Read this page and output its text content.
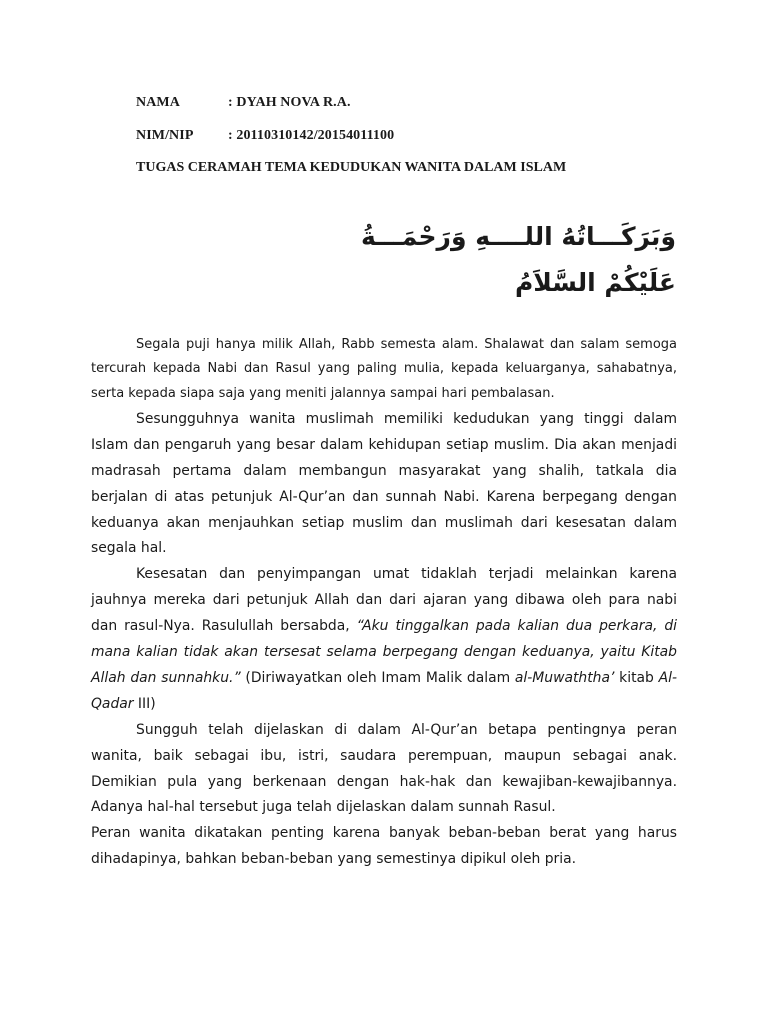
NAMA	: DYAH NOVA R.A.
NIM/NIP : 20110310142/20154011100
TUGAS CERAMAH TEMA KEDUDUKAN WANITA DALAM ISLAM
وَبَرَكَـــاتُهُ اللــــهِ وَرَحْمَـــةُ
عَلَيْكُمْ السَّلاَمُ

Segala puji hanya milik Allah, Rabb semesta alam. Shalawat dan salam semoga tercurah kepada Nabi dan Rasul yang paling mulia, kepada keluarganya, sahabatnya, serta kepada siapa saja yang meniti jalannya sampai hari pembalasan.

Sesungguhnya wanita muslimah memiliki kedudukan yang tinggi dalam Islam dan pengaruh yang besar dalam kehidupan setiap muslim. Dia akan menjadi madrasah pertama dalam membangun masyarakat yang shalih, tatkala dia berjalan di atas petunjuk Al-Qur’an dan sunnah Nabi. Karena berpegang dengan keduanya akan menjauhkan setiap muslim dan muslimah dari kesesatan dalam segala hal.

Kesesatan dan penyimpangan umat tidaklah terjadi melainkan karena jauhnya mereka dari petunjuk Allah dan dari ajaran yang dibawa oleh para nabi dan rasul-Nya. Rasulullah bersabda, “Aku tinggalkan pada kalian dua perkara, di mana kalian tidak akan tersesat selama berpegang dengan keduanya, yaitu Kitab Allah dan sunnahku.” (Diriwayatkan oleh Imam Malik dalam al-Muwaththa’ kitab Al-Qadar III)

Sungguh telah dijelaskan di dalam Al-Qur’an betapa pentingnya peran wanita, baik sebagai ibu, istri, saudara perempuan, maupun sebagai anak. Demikian pula yang berkenaan dengan hak-hak dan kewajiban-kewajibannya. Adanya hal-hal tersebut juga telah dijelaskan dalam sunnah Rasul.

Peran wanita dikatakan penting karena banyak beban-beban berat yang harus dihadapinya, bahkan beban-beban yang semestinya dipikul oleh pria.
